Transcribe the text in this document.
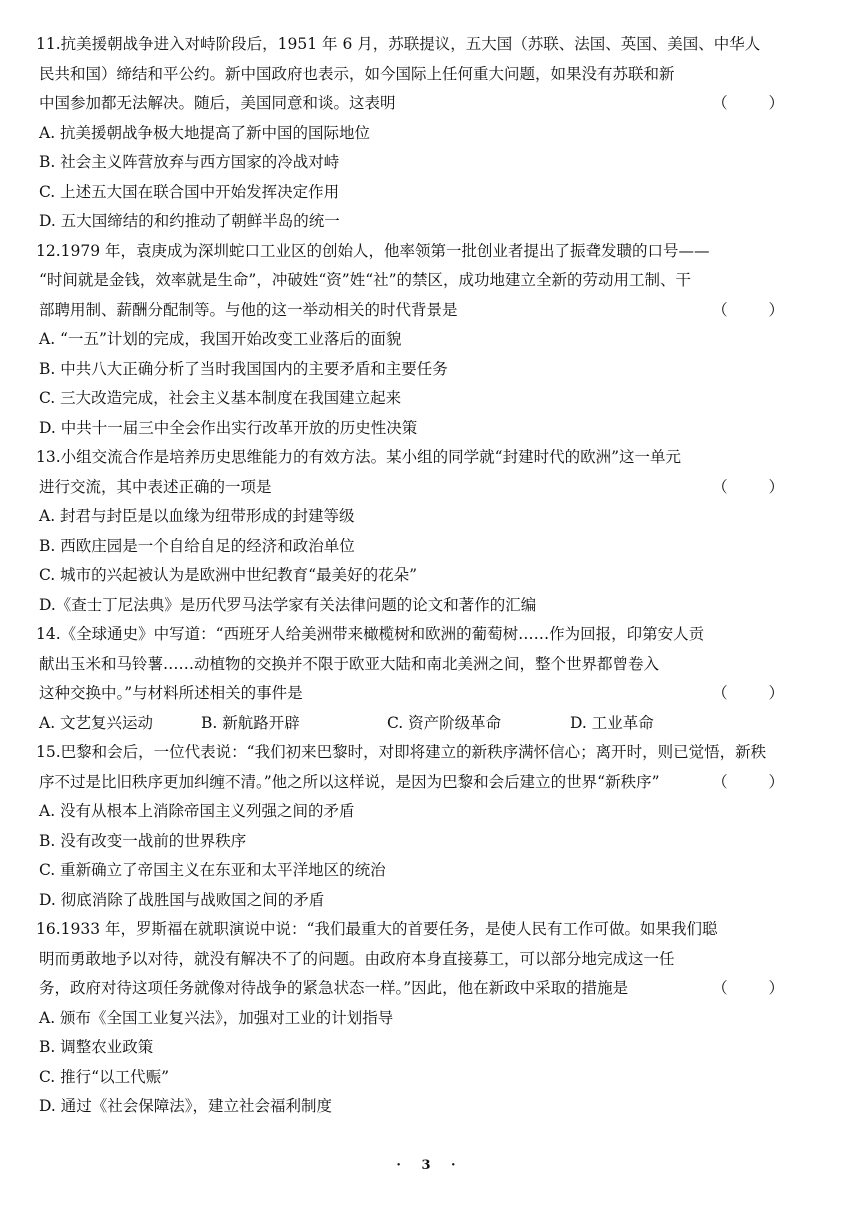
11.抗美援朝战争进入对峙阶段后，1951 年 6 月，苏联提议，五大国（苏联、法国、英国、美国、中华人
民共和国）缔结和平公约。新中国政府也表示，如今国际上任何重大问题，如果没有苏联和新
中国参加都无法解决。随后，美国同意和谈。这表明	（ ）
A. 抗美援朝战争极大地提高了新中国的国际地位
B. 社会主义阵营放弃与西方国家的冷战对峙
C. 上述五大国在联合国中开始发挥决定作用
D. 五大国缔结的和约推动了朝鲜半岛的统一
12.1979 年，袁庚成为深圳蛇口工业区的创始人，他率领第一批创业者提出了振聋发聩的口号——
“时间就是金钱，效率就是生命”，冲破姓“资”姓“社”的禁区，成功地建立全新的劳动用工制、干
部聘用制、薪酬分配制等。与他的这一举动相关的时代背景是	（ ）
A. “一五”计划的完成，我国开始改变工业落后的面貌
B. 中共八大正确分析了当时我国国内的主要矛盾和主要任务
C. 三大改造完成，社会主义基本制度在我国建立起来
D. 中共十一届三中全会作出实行改革开放的历史性决策
13.小组交流合作是培养历史思维能力的有效方法。某小组的同学就“封建时代的欧洲”这一单元
进行交流，其中表述正确的一项是	（ ）
A. 封君与封臣是以血缘为纽带形成的封建等级
B. 西欧庄园是一个自给自足的经济和政治单位
C. 城市的兴起被认为是欧洲中世纪教育“最美好的花朵”
D.《查士丁尼法典》是历代罗马法学家有关法律问题的论文和著作的汇编
14.《全球通史》中写道：“西班牙人给美洲带来橄榄树和欧洲的葡萄树……作为回报，印第安人贡
献出玉米和马铃薯……动植物的交换并不限于欧亚大陆和南北美洲之间，整个世界都曾卷入
这种交换中。”与材料所述相关的事件是	（ ）
A. 文艺复兴运动	B. 新航路开辟	C. 资产阶级革命	D. 工业革命
15.巴黎和会后，一位代表说：“我们初来巴黎时，对即将建立的新秩序满怀信心；离开时，则已觉悟，新秩
序不过是比旧秩序更加纠缠不清。”他之所以这样说，是因为巴黎和会后建立的世界“新秩序”	（ ）
A. 没有从根本上消除帝国主义列强之间的矛盾
B. 没有改变一战前的世界秩序
C. 重新确立了帝国主义在东亚和太平洋地区的统治
D. 彻底消除了战胜国与战败国之间的矛盾
16.1933 年，罗斯福在就职演说中说：“我们最重大的首要任务，是使人民有工作可做。如果我们聪
明而勇敢地予以对待，就没有解决不了的问题。由政府本身直接募工，可以部分地完成这一任
务，政府对待这项任务就像对待战争的紧急状态一样。”因此，他在新政中采取的措施是	（ ）
A. 颁布《全国工业复兴法》，加强对工业的计划指导
B. 调整农业政策
C. 推行“以工代赈”
D. 通过《社会保障法》，建立社会福利制度
· 3 ·
